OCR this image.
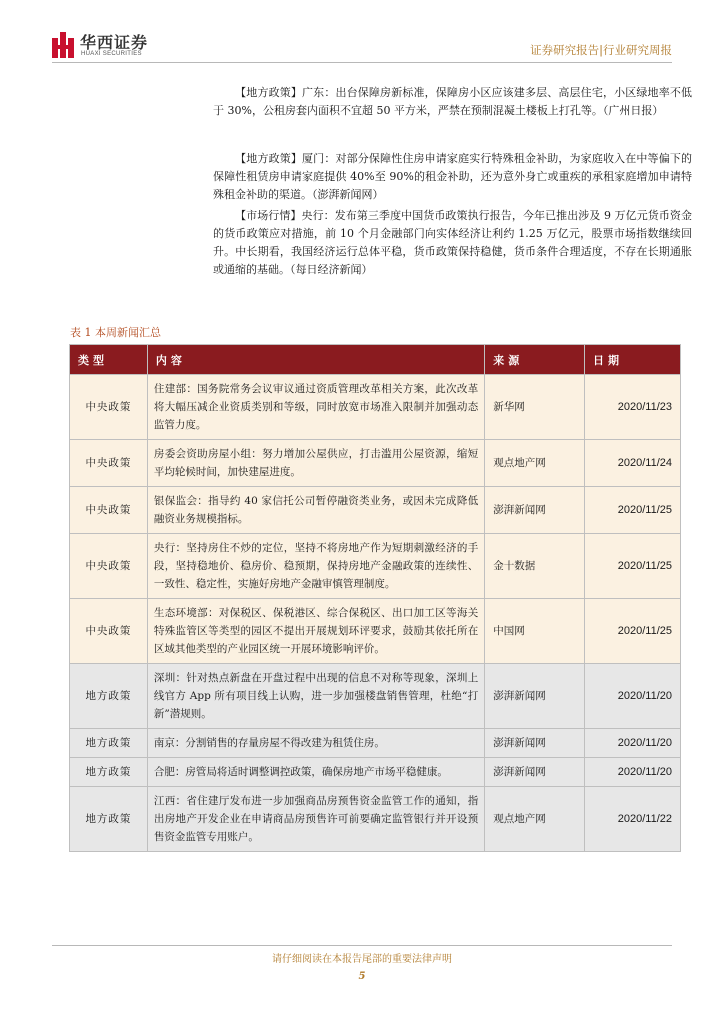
华西证券
HUAXI SECURITIES	证券研究报告|行业研究周报

【地方政策】广东：出台保障房新标准，保障房小区应该建多层、高层住宅，小区绿地率不低于 30%，公租房套内面积不宜超 50 平方米，严禁在预制混凝土楼板上打孔等。（广州日报）

【地方政策】厦门：对部分保障性住房申请家庭实行特殊租金补助，为家庭收入在中等偏下的保障性租赁房申请家庭提供 40%至 90%的租金补助，还为意外身亡或重疾的承租家庭增加申请特殊租金补助的渠道。（澎湃新闻网）

【市场行情】央行：发布第三季度中国货币政策执行报告，今年已推出涉及 9 万亿元货币资金的货币政策应对措施，前 10 个月金融部门向实体经济让利约 1.25 万亿元，股票市场指数继续回升。中长期看，我国经济运行总体平稳，货币政策保持稳健，货币条件合理适度，不存在长期通胀或通缩的基础。（每日经济新闻）

表 1 本周新闻汇总
类型	内容	来源	日期
中央政策	住建部：国务院常务会议审议通过资质管理改革相关方案，此次改革将大幅压减企业资质类别和等级，同时放宽市场准入限制并加强动态监管力度。	新华网	2020/11/23
中央政策	房委会资助房屋小组：努力增加公屋供应，打击滥用公屋资源，缩短平均轮候时间，加快建屋进度。	观点地产网	2020/11/24
中央政策	银保监会：指导约 40 家信托公司暂停融资类业务，或因未完成降低融资业务规模指标。	澎湃新闻网	2020/11/25
中央政策	央行：坚持房住不炒的定位，坚持不将房地产作为短期刺激经济的手段，坚持稳地价、稳房价、稳预期，保持房地产金融政策的连续性、一致性、稳定性，实施好房地产金融审慎管理制度。	金十数据	2020/11/25
中央政策	生态环境部：对保税区、保税港区、综合保税区、出口加工区等海关特殊监管区等类型的园区不提出开展规划环评要求，鼓励其依托所在区域其他类型的产业园区统一开展环境影响评价。	中国网	2020/11/25
地方政策	深圳：针对热点新盘在开盘过程中出现的信息不对称等现象，深圳上线官方 App 所有项目线上认购，进一步加强楼盘销售管理，杜绝“打新”潜规则。	澎湃新闻网	2020/11/20
地方政策	南京：分割销售的存量房屋不得改建为租赁住房。	澎湃新闻网	2020/11/20
地方政策	合肥：房管局将适时调整调控政策，确保房地产市场平稳健康。	澎湃新闻网	2020/11/20
地方政策	江西：省住建厅发布进一步加强商品房预售资金监管工作的通知，指出房地产开发企业在申请商品房预售许可前要确定监管银行并开设预售资金监管专用账户。	观点地产网	2020/11/22
请仔细阅读在本报告尾部的重要法律声明
5
